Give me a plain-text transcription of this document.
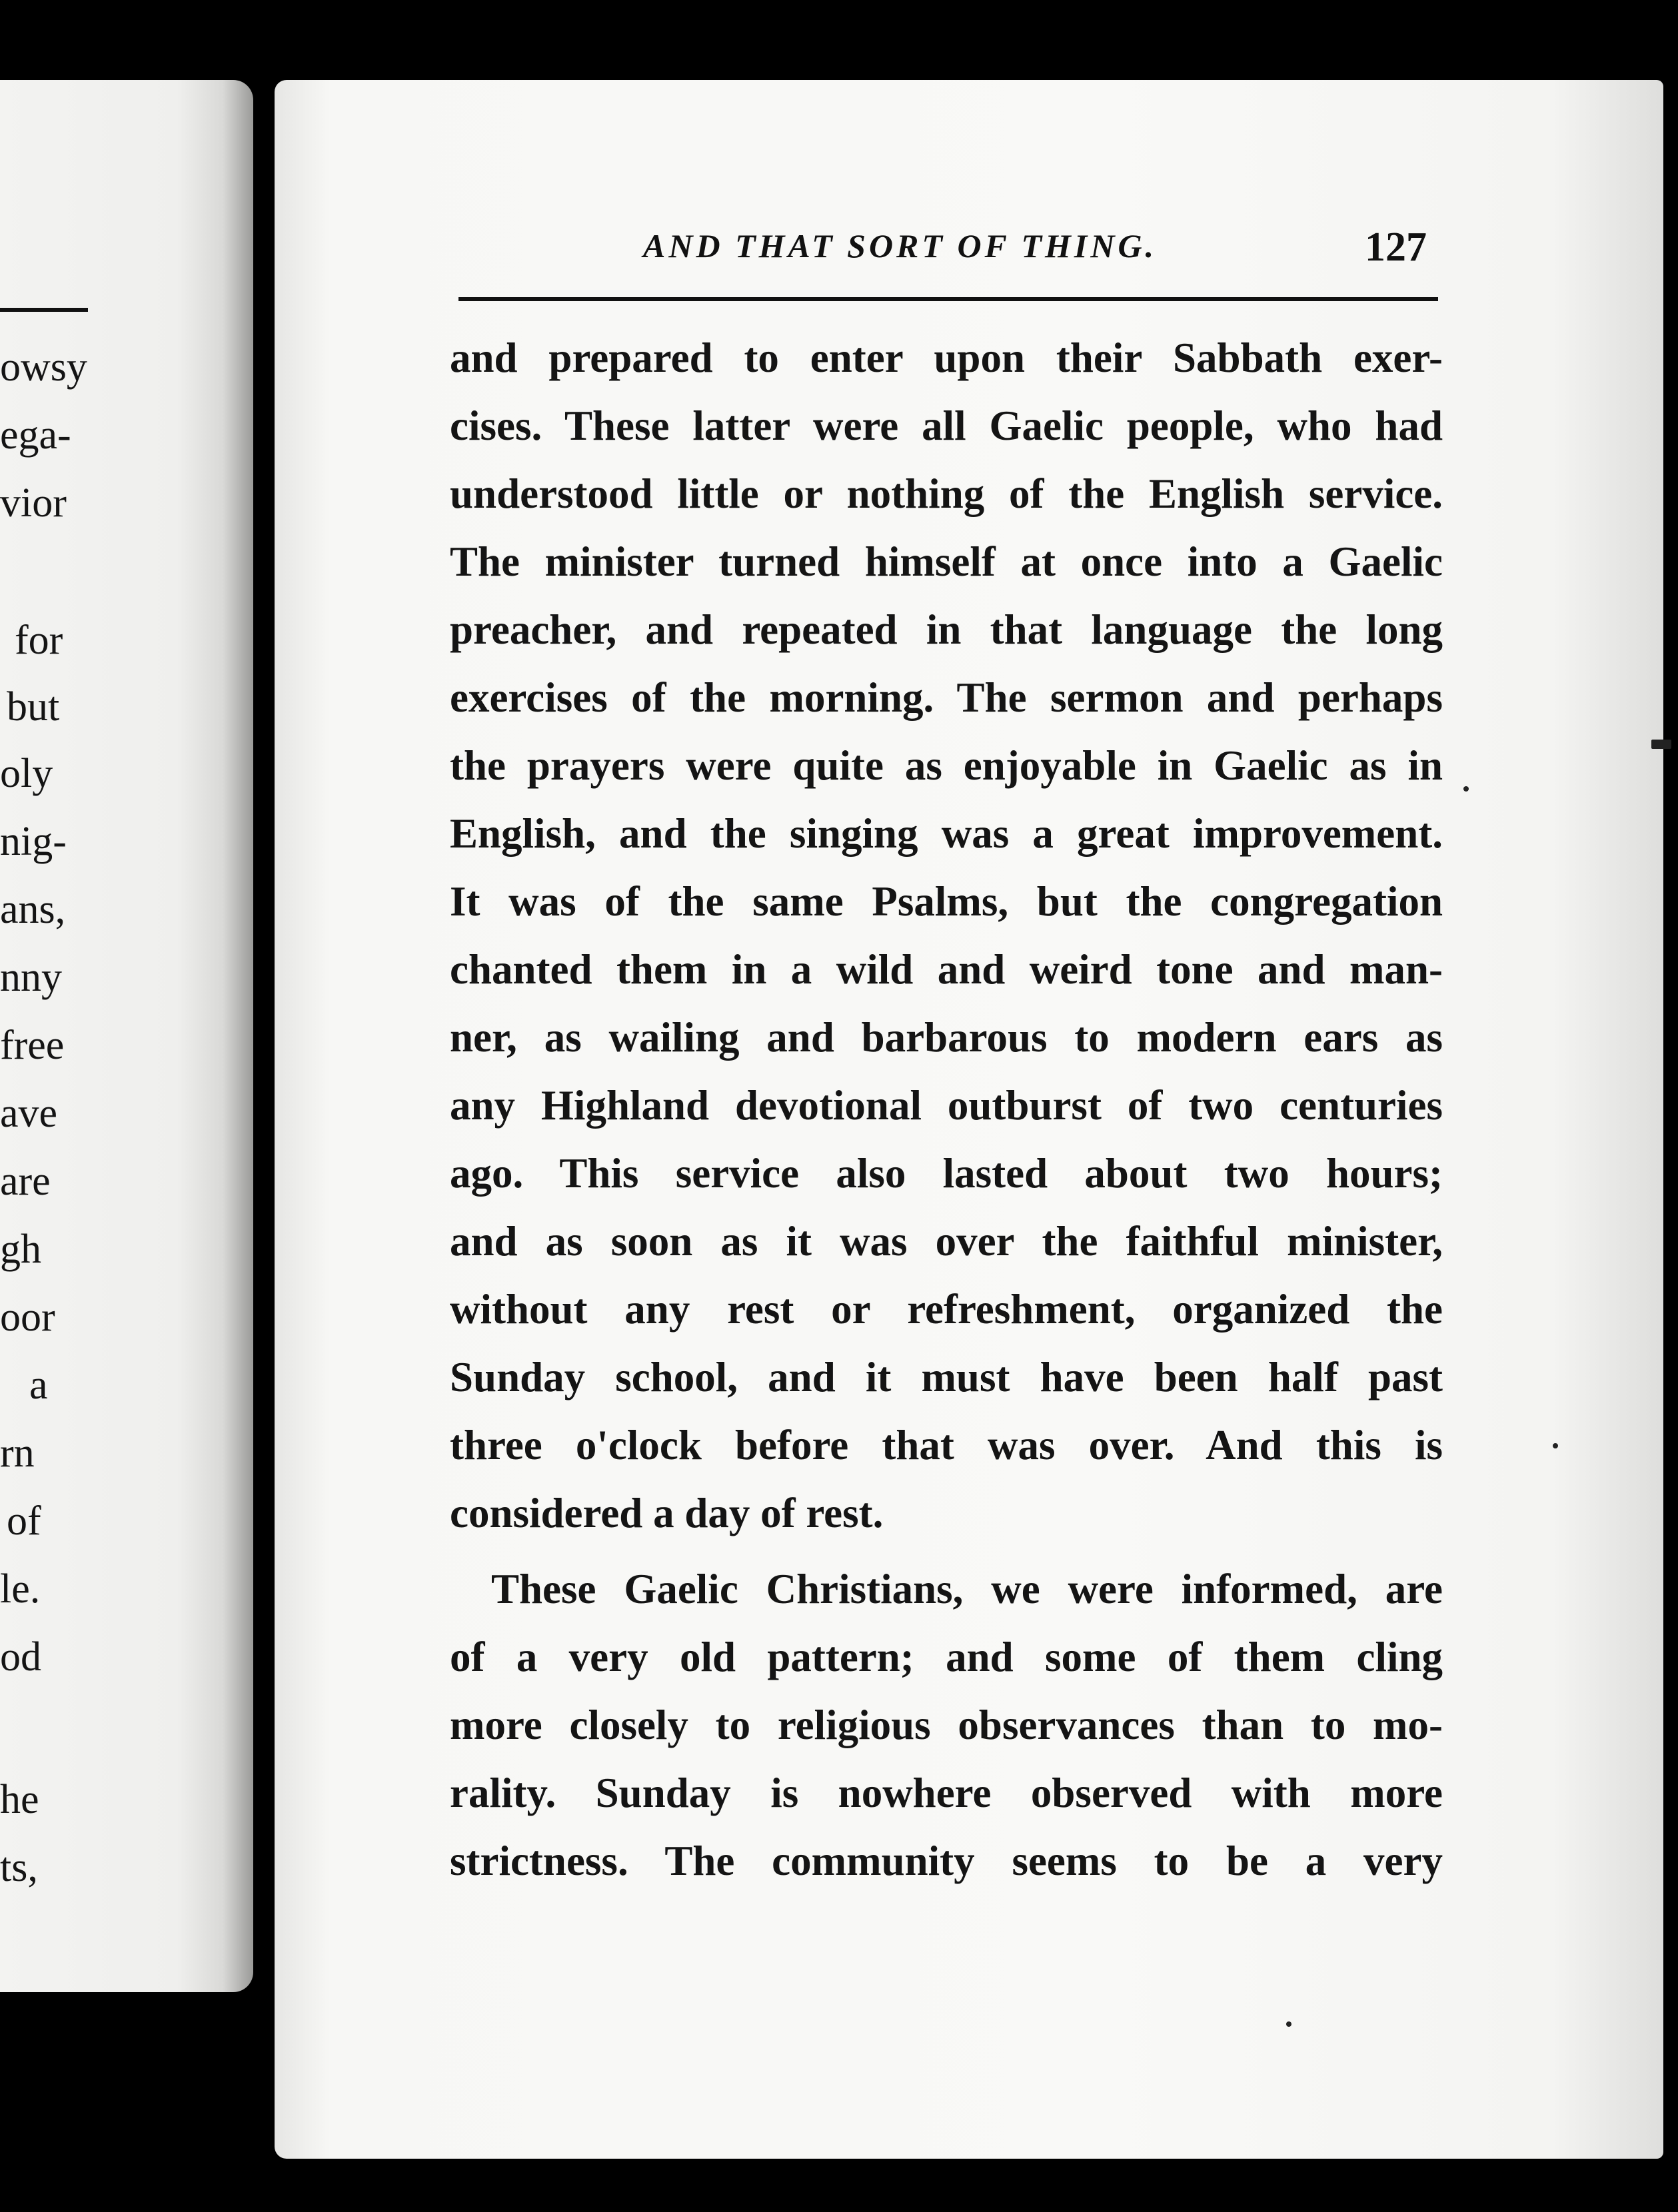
owsy
ega-
vior
for
but
oly
nig-
ans,
nny
free
ave
are
gh
oor
a
rn
of
le.
od
he
ts,
AND THAT SORT OF THING.	127
and prepared to enter upon their Sabbath exer-
cises. These latter were all Gaelic people, who had
understood little or nothing of the English service.
The minister turned himself at once into a Gaelic
preacher, and repeated in that language the long
exercises of the morning. The sermon and perhaps
the prayers were quite as enjoyable in Gaelic as in
English, and the singing was a great improvement.
It was of the same Psalms, but the congregation
chanted them in a wild and weird tone and man-
ner, as wailing and barbarous to modern ears as
any Highland devotional outburst of two centuries
ago. This service also lasted about two hours;
and as soon as it was over the faithful minister,
without any rest or refreshment, organized the
Sunday school, and it must have been half past
three o'clock before that was over. And this is
considered a day of rest.
These Gaelic Christians, we were informed, are
of a very old pattern; and some of them cling
more closely to religious observances than to mo-
rality. Sunday is nowhere observed with more
strictness. The community seems to be a very
